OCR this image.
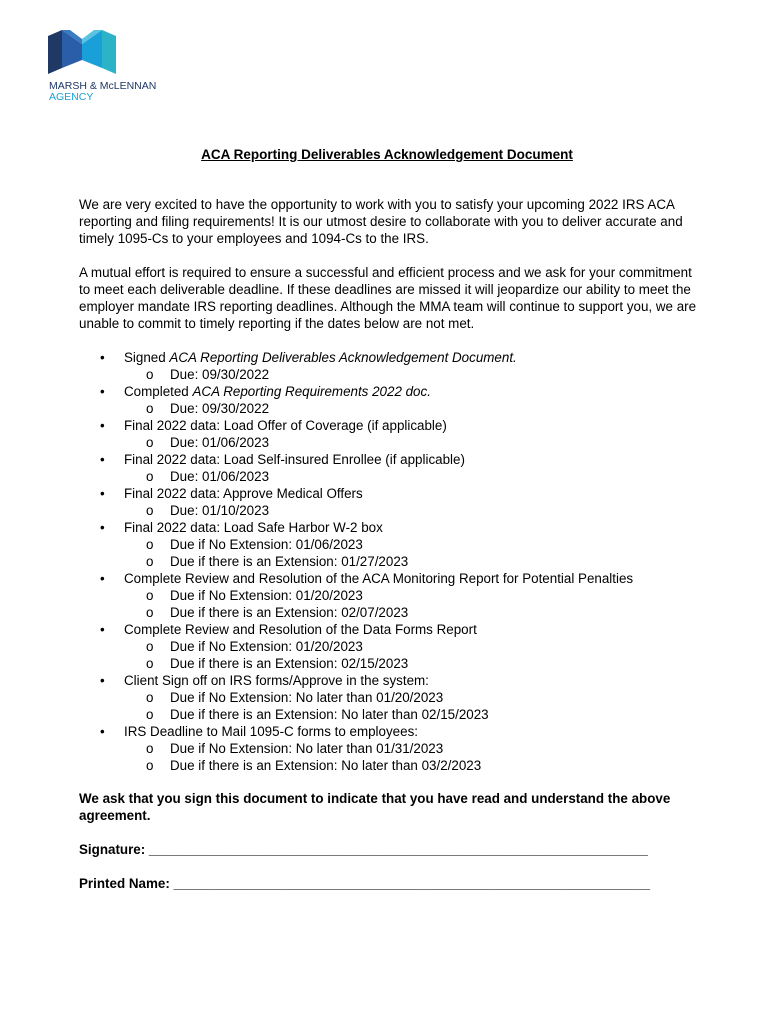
MARSH & McLENNAN
AGENCY
ACA Reporting Deliverables Acknowledgement Document

We are very excited to have the opportunity to work with you to satisfy your upcoming 2022 IRS ACA reporting and filing requirements! It is our utmost desire to collaborate with you to deliver accurate and timely 1095-Cs to your employees and 1094-Cs to the IRS.

A mutual effort is required to ensure a successful and efficient process and we ask for your commitment to meet each deliverable deadline. If these deadlines are missed it will jeopardize our ability to meet the employer mandate IRS reporting deadlines. Although the MMA team will continue to support you, we are unable to commit to timely reporting if the dates below are not met.

• Signed ACA Reporting Deliverables Acknowledgement Document.
o Due: 09/30/2022
• Completed ACA Reporting Requirements 2022 doc.
o Due: 09/30/2022
• Final 2022 data: Load Offer of Coverage (if applicable)
o Due: 01/06/2023
• Final 2022 data: Load Self-insured Enrollee (if applicable)
o Due: 01/06/2023
• Final 2022 data: Approve Medical Offers
o Due: 01/10/2023
• Final 2022 data: Load Safe Harbor W-2 box
o Due if No Extension: 01/06/2023
o Due if there is an Extension: 01/27/2023
• Complete Review and Resolution of the ACA Monitoring Report for Potential Penalties
o Due if No Extension: 01/20/2023
o Due if there is an Extension: 02/07/2023
• Complete Review and Resolution of the Data Forms Report
o Due if No Extension: 01/20/2023
o Due if there is an Extension: 02/15/2023
• Client Sign off on IRS forms/Approve in the system:
o Due if No Extension: No later than 01/20/2023
o Due if there is an Extension: No later than 02/15/2023
• IRS Deadline to Mail 1095-C forms to employees:
o Due if No Extension: No later than 01/31/2023
o Due if there is an Extension: No later than 03/2/2023
We ask that you sign this document to indicate that you have read and understand the above agreement.
Signature: ___________________________________________________________________
Printed Name: ________________________________________________________________
